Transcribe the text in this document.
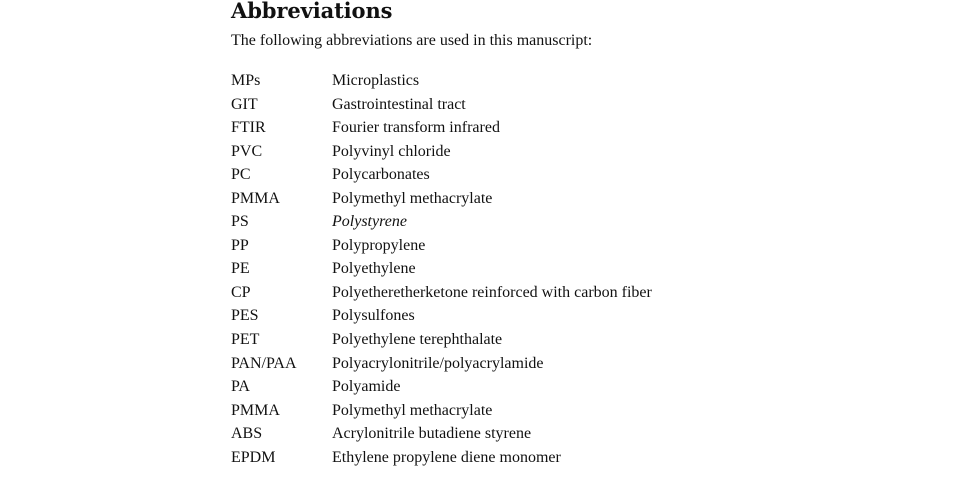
Abbreviations

The following abbreviations are used in this manuscript:

MPs	Microplastics
GIT	Gastrointestinal tract
FTIR	Fourier transform infrared
PVC	Polyvinyl chloride
PC	Polycarbonates
PMMA	Polymethyl methacrylate
PS	Polystyrene
PP	Polypropylene
PE	Polyethylene
CP	Polyetheretherketone reinforced with carbon fiber
PES	Polysulfones
PET	Polyethylene terephthalate
PAN/PAA	Polyacrylonitrile/polyacrylamide
PA	Polyamide
PMMA	Polymethyl methacrylate
ABS	Acrylonitrile butadiene styrene
EPDM	Ethylene propylene diene monomer
